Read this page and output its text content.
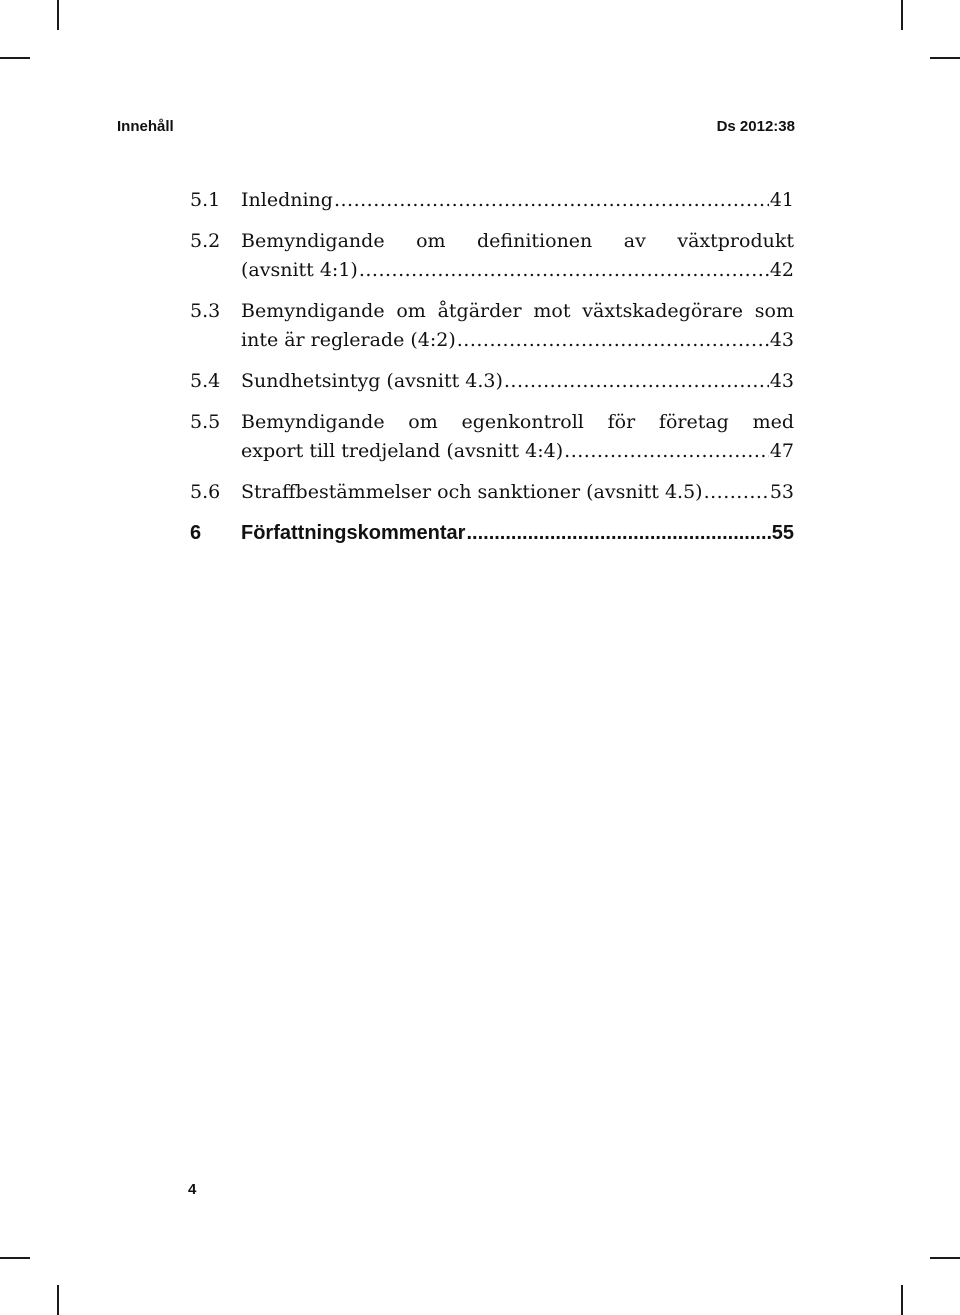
Innehåll	Ds 2012:38
5.1	Inledning .....	41
5.2	Bemyndigande om definitionen av växtprodukt
(avsnitt 4:1) .....	42
5.3	Bemyndigande om åtgärder mot växtskadegörare som
inte är reglerade (4:2) .....	43
5.4	Sundhetsintyg (avsnitt 4.3) .....	43
5.5	Bemyndigande om egenkontroll för företag med
export till tredjeland (avsnitt 4:4) .....	47
5.6	Straffbestämmelser och sanktioner (avsnitt 4.5) .....	53
6	Författningskommentar .....	55
4
